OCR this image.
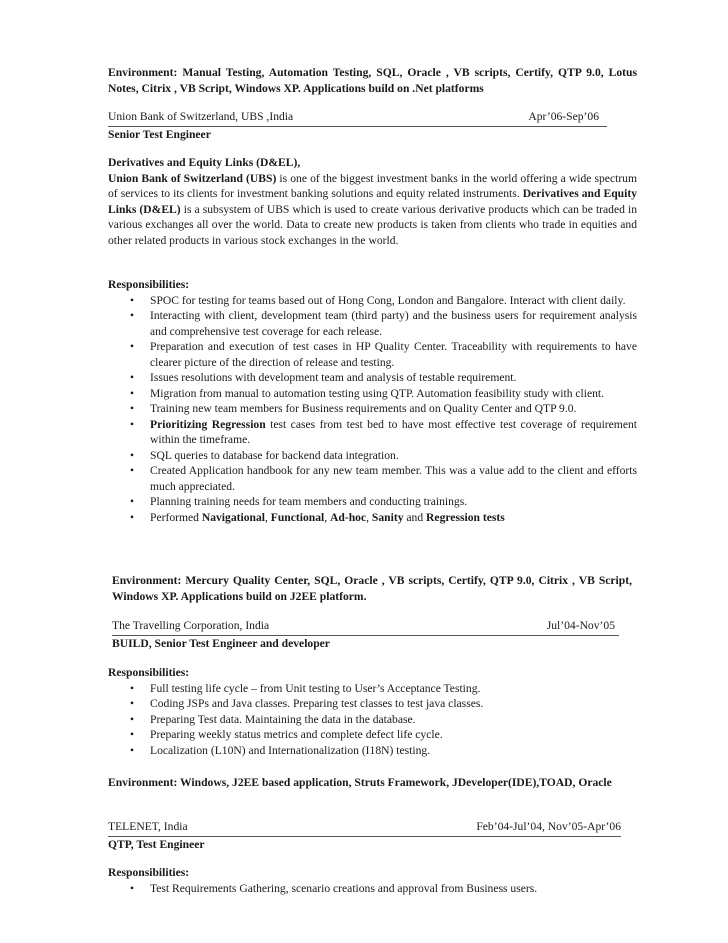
Environment: Manual Testing, Automation Testing, SQL, Oracle , VB scripts, Certify, QTP 9.0, Lotus Notes, Citrix , VB Script, Windows XP. Applications build on .Net platforms

Union Bank of Switzerland, UBS ,India	Apr’06-Sep’06
Senior Test Engineer
Derivatives and Equity Links (D&EL),

Union Bank of Switzerland (UBS) is one of the biggest investment banks in the world offering a wide spectrum of services to its clients for investment banking solutions and equity related instruments. Derivatives and Equity Links (D&EL) is a subsystem of UBS which is used to create various derivative products which can be traded in various exchanges all over the world. Data to create new products is taken from clients who trade in equities and other related products in various stock exchanges in the world.

Responsibilities:
• SPOC for testing for teams based out of Hong Cong, London and Bangalore. Interact with client daily.
• Interacting with client, development team (third party) and the business users for requirement analysis and comprehensive test coverage for each release.
• Preparation and execution of test cases in HP Quality Center. Traceability with requirements to have clearer picture of the direction of release and testing.
• Issues resolutions with development team and analysis of testable requirement.
• Migration from manual to automation testing using QTP. Automation feasibility study with client.
• Training new team members for Business requirements and on Quality Center and QTP 9.0.
• Prioritizing Regression test cases from test bed to have most effective test coverage of requirement within the timeframe.
• SQL queries to database for backend data integration.
• Created Application handbook for any new team member. This was a value add to the client and efforts much appreciated.
• Planning training needs for team members and conducting trainings.
• Performed Navigational, Functional, Ad-hoc, Sanity and Regression tests

Environment: Mercury Quality Center, SQL, Oracle , VB scripts, Certify, QTP 9.0, Citrix , VB Script, Windows XP. Applications build on J2EE platform.

The Travelling Corporation, India	Jul’04-Nov’05
BUILD, Senior Test Engineer and developer
Responsibilities:
• Full testing life cycle – from Unit testing to User’s Acceptance Testing.
• Coding JSPs and Java classes. Preparing test classes to test java classes.
• Preparing Test data. Maintaining the data in the database.
• Preparing weekly status metrics and complete defect life cycle.
• Localization (L10N) and Internationalization (I18N) testing.

Environment: Windows, J2EE based application, Struts Framework, JDeveloper(IDE),TOAD, Oracle

TELENET, India	Feb’04-Jul’04, Nov’05-Apr’06
QTP, Test Engineer
Responsibilities:
• Test Requirements Gathering, scenario creations and approval from Business users.
